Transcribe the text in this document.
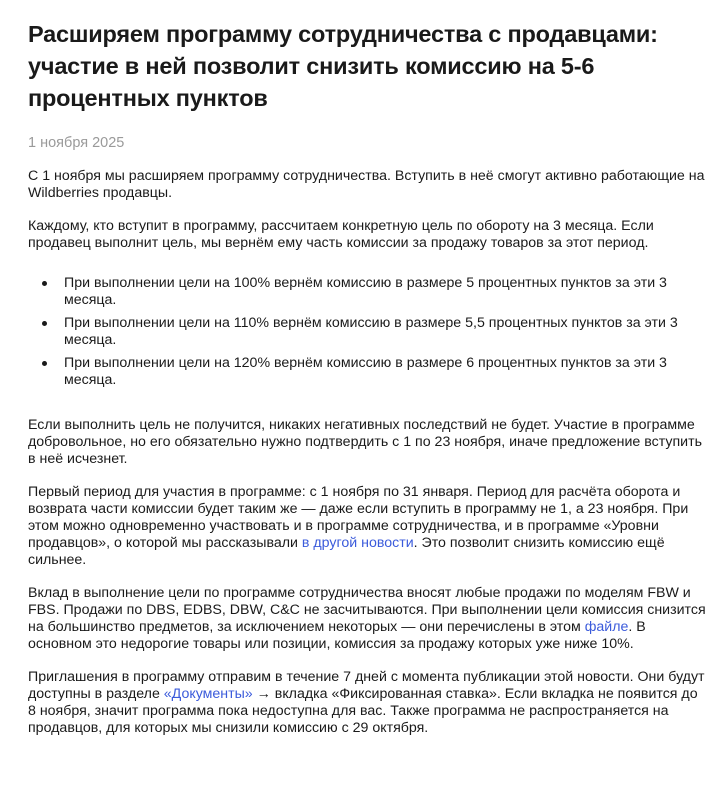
Расширяем программу сотрудничества с продавцами: участие в ней позволит снизить комиссию на 5-6 процентных пунктов
1 ноября 2025

С 1 ноября мы расширяем программу сотрудничества. Вступить в неё смогут активно работающие на Wildberries продавцы.

Каждому, кто вступит в программу, рассчитаем конкретную цель по обороту на 3 месяца. Если продавец выполнит цель, мы вернём ему часть комиссии за продажу товаров за этот период.

При выполнении цели на 100% вернём комиссию в размере 5 процентных пунктов за эти 3 месяца.
При выполнении цели на 110% вернём комиссию в размере 5,5 процентных пунктов за эти 3 месяца.
При выполнении цели на 120% вернём комиссию в размере 6 процентных пунктов за эти 3 месяца.

Если выполнить цель не получится, никаких негативных последствий не будет. Участие в программе добровольное, но его обязательно нужно подтвердить с 1 по 23 ноября, иначе предложение вступить в неё исчезнет.

Первый период для участия в программе: с 1 ноября по 31 января. Период для расчёта оборота и возврата части комиссии будет таким же — даже если вступить в программу не 1, а 23 ноября. При этом можно одновременно участвовать и в программе сотрудничества, и в программе «Уровни продавцов», о которой мы рассказывали в другой новости. Это позволит снизить комиссию ещё сильнее.

Вклад в выполнение цели по программе сотрудничества вносят любые продажи по моделям FBW и FBS. Продажи по DBS, EDBS, DBW, C&C не засчитываются. При выполнении цели комиссия снизится на большинство предметов, за исключением некоторых — они перечислены в этом файле. В основном это недорогие товары или позиции, комиссия за продажу которых уже ниже 10%.

Приглашения в программу отправим в течение 7 дней с момента публикации этой новости. Они будут доступны в разделе «Документы» → вкладка «Фиксированная ставка». Если вкладка не появится до 8 ноября, значит программа пока недоступна для вас. Также программа не распространяется на продавцов, для которых мы снизили комиссию с 29 октября.
